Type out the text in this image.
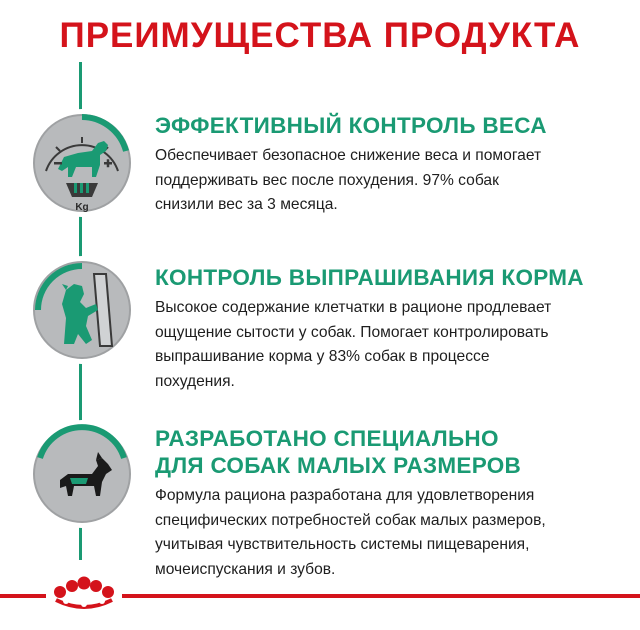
ПРЕИМУЩЕСТВА ПРОДУКТА
Kg
ЭФФЕКТИВНЫЙ КОНТРОЛЬ ВЕСА
Обеспечивает безопасное снижение веса и помогает
поддерживать вес после похудения. 97% собак
снизили вес за 3 месяца.
КОНТРОЛЬ ВЫПРАШИВАНИЯ КОРМА
Высокое содержание клетчатки в рационе продлевает
ощущение сытости у собак. Помогает контролировать
выпрашивание корма у 83% собак в процессе
похудения.
РАЗРАБОТАНО СПЕЦИАЛЬНО
ДЛЯ СОБАК МАЛЫХ РАЗМЕРОВ
Формула рациона разработана для удовлетворения
специфических потребностей собак малых размеров,
учитывая чувствительность системы пищеварения,
мочеиспускания и зубов.
